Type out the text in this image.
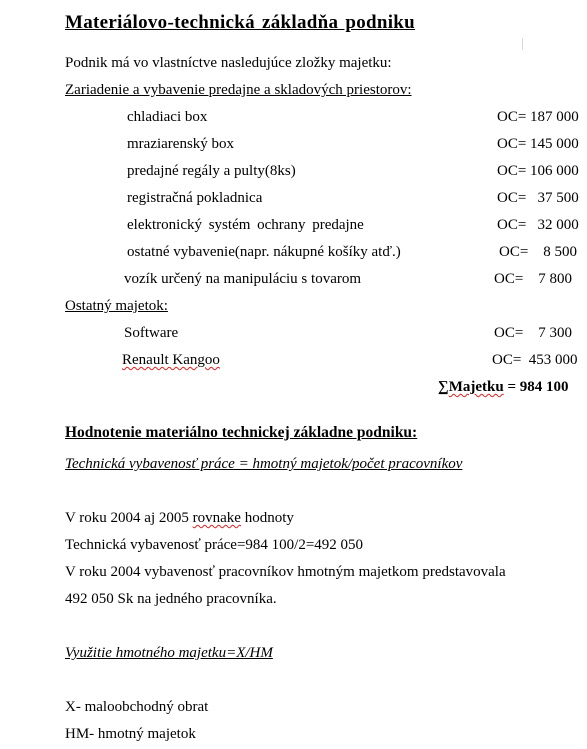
Materiálovo-technická základňa podniku
Podnik má vo vlastníctve nasledujúce zložky majetku:
Zariadenie a vybavenie predajne a skladových priestorov:
chladiaci box	OC= 187 000
mraziarenský box	OC= 145 000
predajné regály a pulty(8ks)	OC= 106 000
registračná pokladnica	OC=   37 500
elektronický systém ochrany predajne	OC=   32 000
ostatné vybavenie(napr. nákupné košíky atď.)	OC=    8 500
vozík určený na manipuláciu s tovarom	OC=    7 800
Ostatný majetok:
Software	OC=    7 300
Renault Kangoo	OC=  453 000
∑Majetku = 984 100
Hodnotenie materiálno technickej základne podniku:
Technická vybavenosť práce = hmotný majetok/počet pracovníkov
V roku 2004 aj 2005 rovnake hodnoty
Technická vybavenosť práce=984 100/2=492 050
V roku 2004 vybavenosť pracovníkov hmotným majetkom predstavovala
492 050 Sk na jedného pracovníka.
Využitie hmotného majetku=X/HM
X- maloobchodný obrat
HM- hmotný majetok
